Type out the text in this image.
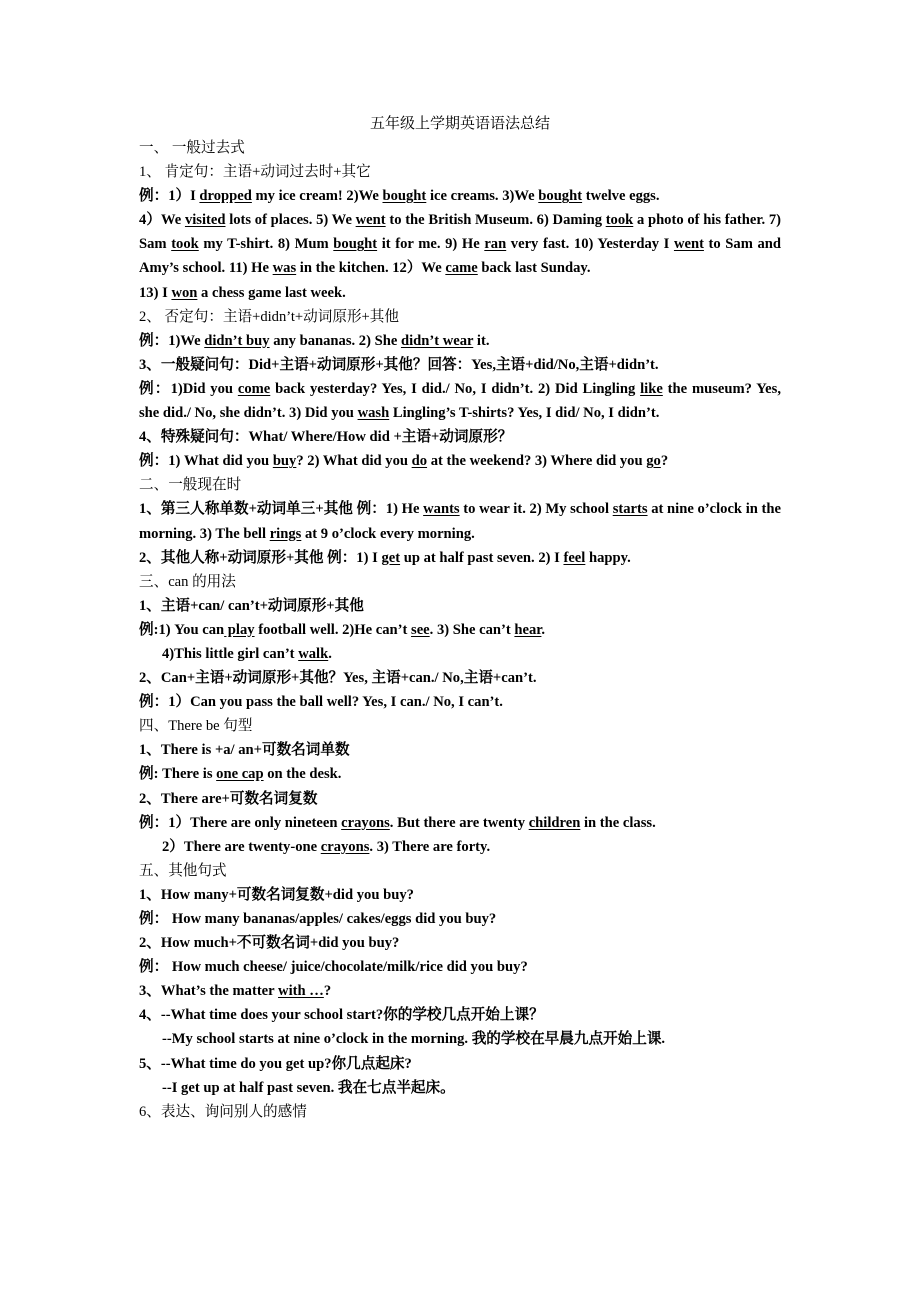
五年级上学期英语语法总结

一、 一般过去式

1、 肯定句：主语+动词过去时+其它

例：1）I dropped my ice cream! 2)We bought ice creams. 3)We bought twelve eggs.

4）We visited lots of places. 5) We went to the British Museum. 6) Daming took a photo of his father. 7) Sam took my T-shirt. 8) Mum bought it for me. 9) He ran very fast. 10) Yesterday I went to Sam and Amy’s school. 11) He was in the kitchen. 12）We came back last Sunday.

13) I won a chess game last week.

2、 否定句：主语+didn’t+动词原形+其他

例：1)We didn’t buy any bananas. 2) She didn’t wear it.

3、一般疑问句：Did+主语+动词原形+其他？回答：Yes,主语+did/No,主语+didn’t.

例：1)Did you come back yesterday? Yes, I did./ No, I didn’t. 2) Did Lingling like the museum? Yes, she did./ No, she didn’t. 3) Did you wash Lingling’s T-shirts? Yes, I did/ No, I didn’t.

4、特殊疑问句：What/ Where/How did +主语+动词原形？

例：1) What did you buy? 2) What did you do at the weekend? 3) Where did you go?

二、一般现在时

1、第三人称单数+动词单三+其他 例：1) He wants to wear it. 2) My school starts at nine o’clock in the morning. 3) The bell rings at 9 o’clock every morning.

2、其他人称+动词原形+其他 例：1) I get up at half past seven. 2) I feel happy.

三、can 的用法

1、主语+can/ can’t+动词原形+其他

例:1) You can play football well. 2)He can’t see. 3) She can’t hear.

4)This little girl can’t walk.

2、Can+主语+动词原形+其他？Yes, 主语+can./ No,主语+can’t.

例：1）Can you pass the ball well? Yes, I can./ No, I can’t.

四、There be 句型

1、There is +a/ an+可数名词单数

例: There is one cap on the desk.

2、There are+可数名词复数

例：1）There are only nineteen crayons. But there are twenty children in the class.

2）There are twenty-one crayons. 3) There are forty.

五、其他句式

1、How many+可数名词复数+did you buy?

例： How many bananas/apples/ cakes/eggs did you buy?

2、How much+不可数名词+did you buy?

例： How much cheese/ juice/chocolate/milk/rice did you buy?

3、What’s the matter with …?

4、--What time does your school start?你的学校几点开始上课？

--My school starts at nine o’clock in the morning. 我的学校在早晨九点开始上课.

5、--What time do you get up?你几点起床?

--I get up at half past seven. 我在七点半起床。

6、表达、询问别人的感情
